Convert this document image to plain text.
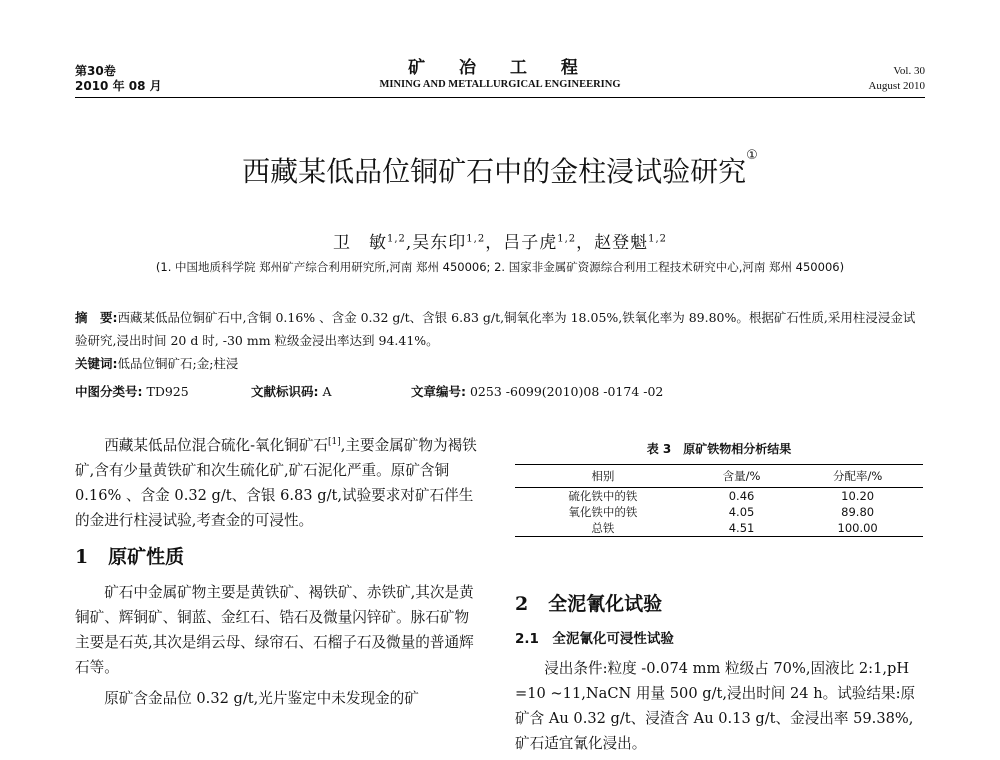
第30卷
2010 年 08 月
矿 冶 工 程
MINING AND METALLURGICAL ENGINEERING
Vol. 30
August 2010
西藏某低品位铜矿石中的金柱浸试验研究①
卫　敏$^{1,2}$,吴东印$^{1,2}$，吕子虎$^{1,2}$，赵登魁$^{1,2}$
(1. 中国地质科学院 郑州矿产综合利用研究所,河南 郑州 450006; 2. 国家非金属矿资源综合利用工程技术研究中心,河南 郑州 450006)
摘　要:西藏某低品位铜矿石中,含铜 0.16% 、含金 0.32 g/t、含银 6.83 g/t,铜氧化率为 18.05%,铁氧化率为 89.80%。根据矿石性质,采用柱浸浸金试验研究,浸出时间 20 d 时, -30 mm 粒级金浸出率达到 94.41%。
关键词:低品位铜矿石;金;柱浸
中图分类号: TD925	文献标识码: A	文章编号: 0253 -6099(2010)08 -0174 -02

西藏某低品位混合硫化-氧化铜矿石[1],主要金属矿物为褐铁矿,含有少量黄铁矿和次生硫化矿,矿石泥化严重。原矿含铜 0.16% 、含金 0.32 g/t、含银 6.83 g/t,试验要求对矿石伴生的金进行柱浸试验,考查金的可浸性。

1 原矿性质

矿石中金属矿物主要是黄铁矿、褐铁矿、赤铁矿,其次是黄铜矿、辉铜矿、铜蓝、金红石、锆石及微量闪锌矿。脉石矿物主要是石英,其次是绢云母、绿帘石、石榴子石及微量的普通辉石等。

原矿含金品位 0.32 g/t,光片鉴定中未发现金的矿

表 3　原矿铁物相分析结果
相别	含量/%	分配率/%
硫化铁中的铁	0.46	10.20
氧化铁中的铁	4.05	89.80
总铁	4.51	100.00
2 全泥氰化试验

2.1　全泥氰化可浸性试验

浸出条件:粒度 -0.074 mm 粒级占 70%,固液比 2:1,pH =10 ~11,NaCN 用量 500 g/t,浸出时间 24 h。试验结果:原矿含 Au 0.32 g/t、浸渣含 Au 0.13 g/t、金浸出率 59.38%,矿石适宜氰化浸出。
